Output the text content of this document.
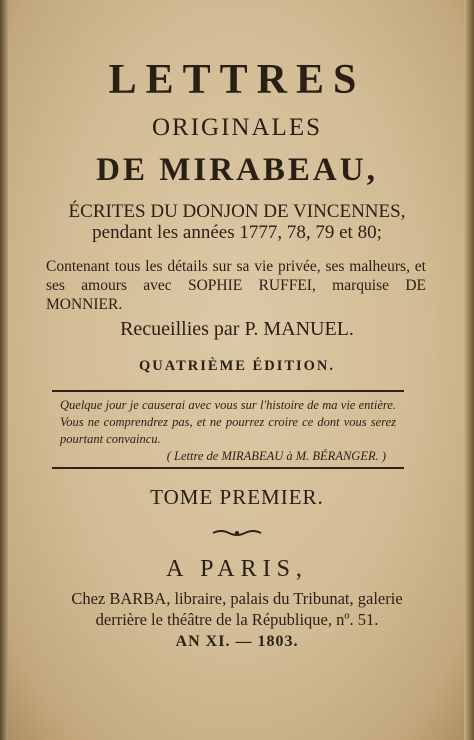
LETTRES
ORIGINALES
DE MIRABEAU,
ÉCRITES DU DONJON DE VINCENNES,
pendant les années 1777, 78, 79 et 80;
Contenant tous les détails sur sa vie privée, ses malheurs, et ses amours avec SOPHIE RUFFEI, marquise DE MONNIER.
Recueillies par P. MANUEL.
QUATRIÈME ÉDITION.
Quelque jour je causerai avec vous sur l'histoire de ma vie entière. Vous ne comprendrez pas, et ne pourrez croire ce dont vous serez pourtant convaincu.
( Lettre de MIRABEAU à M. BÉRANGER. )
TOME PREMIER.
A PARIS,
Chez BARBA, libraire, palais du Tribunat, galerie
derrière le théâtre de la République, nº. 51.
AN XI. — 1803.
